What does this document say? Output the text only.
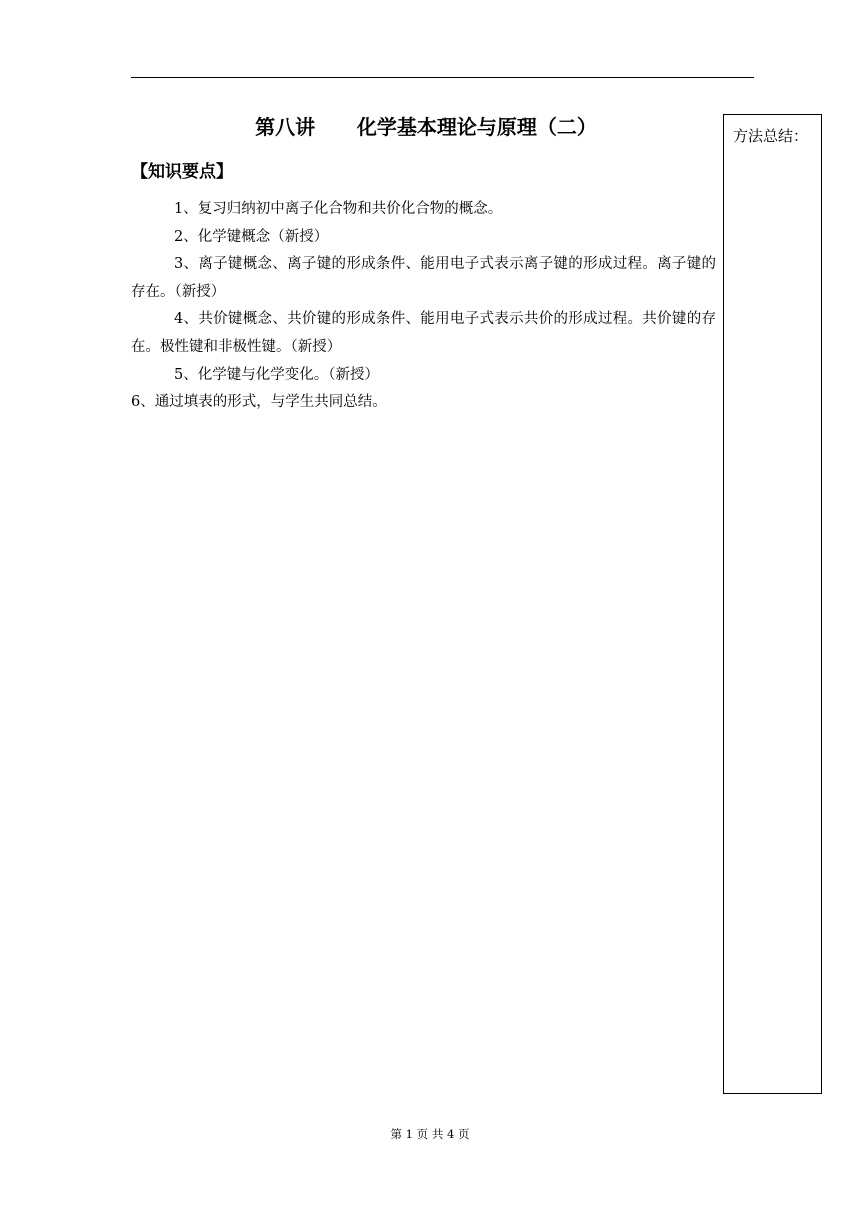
第八讲      化学基本理论与原理（二）
【知识要点】

1、复习归纳初中离子化合物和共价化合物的概念。

2、化学键概念（新授）

3、离子键概念、离子键的形成条件、能用电子式表示离子键的形成过程。离子键的存在。（新授）

4、共价键概念、共价键的形成条件、能用电子式表示共价的形成过程。共价键的存在。极性键和非极性键。（新授）

5、化学键与化学变化。（新授）

6、通过填表的形式，与学生共同总结。

方法总结：
第 1 页 共 4 页
